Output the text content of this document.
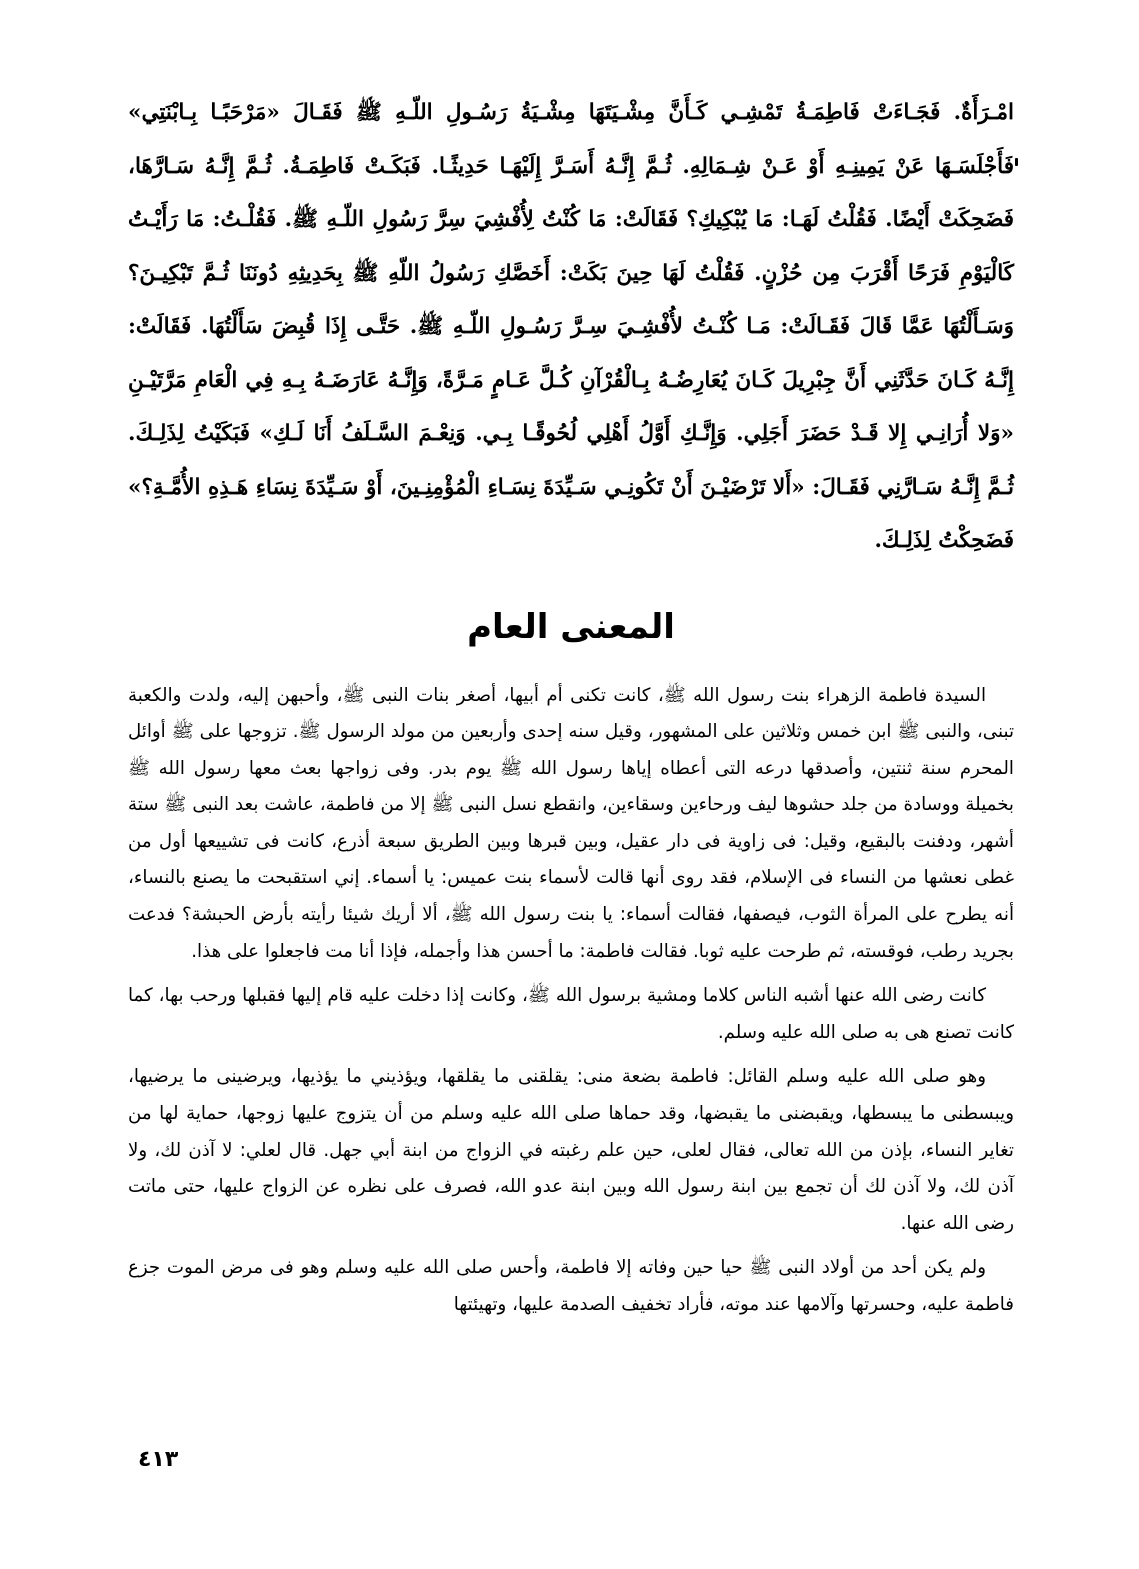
امْـرَأَةٌ. فَجَـاءَتْ فَاطِمَـةُ تَمْشِـي كَـأَنَّ مِشْـيَتَهَا مِشْـيَةُ رَسُـولِ اللّـهِ ﷺ فَقَـالَ «مَرْحَبًـا بِـابْنَتِي» فَأَجْلَسَـهَا عَنْ يَمِينِـهِ أَوْ عَـنْ شِـمَالِهِ. ثُـمَّ إِنَّـهُ أَسَـرَّ إِلَيْهَـا حَدِيثًـا. فَبَكَـتْ فَاطِمَـةُ. ثُـمَّ إِنَّـهُ سَـارَّهَا، فَضَحِكَتْ أَيْضًا. فَقُلْتُ لَهَـا: مَا يُبْكِيكِ؟ فَقَالَتْ: مَا كُنْتُ لِأُفْشِيَ سِرَّ رَسُولِ اللّـهِ ﷺ. فَقُلْـتُ: مَا رَأَيْـتُ كَالْيَوْمِ فَرَحًا أَقْرَبَ مِن حُزْنٍ. فَقُلْتُ لَهَا حِينَ بَكَتْ: أَخَصَّكِ رَسُولُ اللّهِ ﷺ بِحَدِيثِهِ دُونَنَا ثُـمَّ تَبْكِيـنَ؟ وَسَـأَلْتُهَا عَمَّا قَالَ فَقَـالَتْ: مَـا كُنْـتُ لأُفْشِـيَ سِـرَّ رَسُـولِ اللّـهِ ﷺ. حَتَّـى إِذَا قُبِضَ سَأَلْتُهَا. فَقَالَتْ: إِنَّـهُ كَـانَ حَدَّثَنِي أَنَّ جِبْرِيلَ كَـانَ يُعَارِضُـهُ بِـالْقُرْآنِ كُـلَّ عَـامٍ مَـرَّةً، وَإِنَّـهُ عَارَضَـهُ بِـهِ فِي الْعَامِ مَرَّتَيْـنِ «وَلا أُرَانِـي إِلا قَـدْ حَضَرَ أَجَلِي. وَإِنَّـكِ أَوَّلُ أَهْلِي لُحُوقًـا بِـي. وَنِعْـمَ السَّـلَفُ أَنَا لَـكِ» فَبَكَيْتُ لِذَلِـكَ. ثُـمَّ إِنَّـهُ سَـارَّنِي فَقَـالَ: «أَلا تَرْضَيْـنَ أَنْ تَكُونِـي سَـيِّدَةَ نِسَـاءِ الْمُؤْمِنِـينَ، أَوْ سَـيِّدَةَ نِسَاءِ هَـذِهِ الأُمَّـةِ؟» فَضَحِكْتُ لِذَلِـكَ.

المعنى العام

السيدة فاطمة الزهراء بنت رسول الله ﷺ، كانت تكنى أم أبيها، أصغر بنات النبى ﷺ، وأحبهن إليه، ولدت والكعبة تبنى، والنبى ﷺ ابن خمس وثلاثين على المشهور، وقيل سنه إحدى وأربعين من مولد الرسول ﷺ. تزوجها على ﷺ أوائل المحرم سنة ثنتين، وأصدقها درعه التى أعطاه إياها رسول الله ﷺ يوم بدر. وفى زواجها بعث معها رسول الله ﷺ بخميلة ووسادة من جلد حشوها ليف ورحاءين وسقاءين، وانقطع نسل النبى ﷺ إلا من فاطمة، عاشت بعد النبى ﷺ ستة أشهر، ودفنت بالبقيع، وقيل: فى زاوية فى دار عقيل، وبين قبرها وبين الطريق سبعة أذرع، كانت فى تشييعها أول من غطى نعشها من النساء فى الإسلام، فقد روى أنها قالت لأسماء بنت عميس: يا أسماء. إني استقبحت ما يصنع بالنساء، أنه يطرح على المرأة الثوب، فيصفها، فقالت أسماء: يا بنت رسول الله ﷺ، ألا أريك شيئا رأيته بأرض الحبشة؟ فدعت بجريد رطب، فوقسته، ثم طرحت عليه ثوبا. فقالت فاطمة: ما أحسن هذا وأجمله، فإذا أنا مت فاجعلوا على هذا.

كانت رضى الله عنها أشبه الناس كلاما ومشية برسول الله ﷺ، وكانت إذا دخلت عليه قام إليها فقبلها ورحب بها، كما كانت تصنع هى به صلى الله عليه وسلم.

وهو صلى الله عليه وسلم القائل: فاطمة بضعة منى: يقلقنى ما يقلقها، ويؤذيني ما يؤذيها، ويرضينى ما يرضيها، ويبسطنى ما يبسطها، ويقبضنى ما يقبضها، وقد حماها صلى الله عليه وسلم من أن يتزوج عليها زوجها، حماية لها من تغاير النساء، بإذن من الله تعالى، فقال لعلى، حين علم رغبته في الزواج من ابنة أبي جهل. قال لعلي: لا آذن لك، ولا آذن لك، ولا آذن لك أن تجمع بين ابنة رسول الله وبين ابنة عدو الله، فصرف على نظره عن الزواج عليها، حتى ماتت رضى الله عنها.

ولم يكن أحد من أولاد النبى ﷺ حيا حين وفاته إلا فاطمة، وأحس صلى الله عليه وسلم وهو فى مرض الموت جزع فاطمة عليه، وحسرتها وآلامها عند موته، فأراد تخفيف الصدمة عليها، وتهيئتها

٤١٣
